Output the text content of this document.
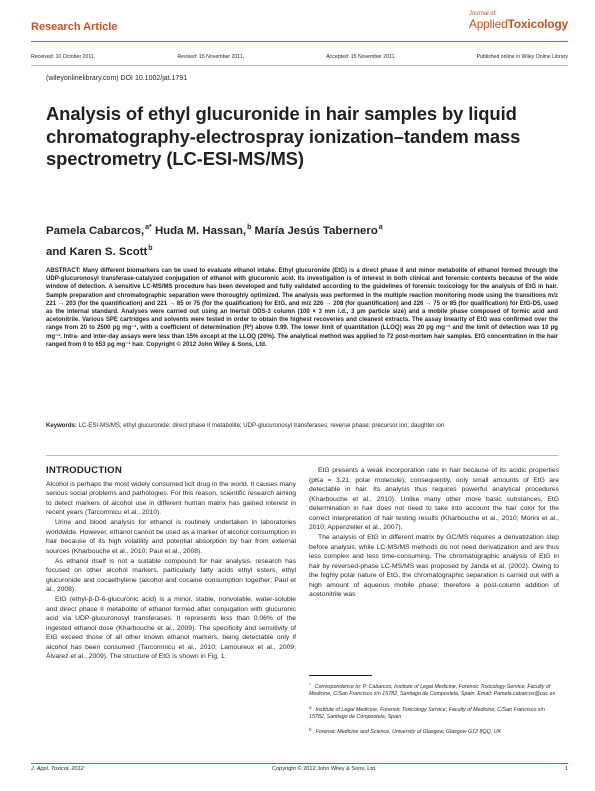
Research Article
Journal of
AppliedToxicology
Received: 10 October 2011,	Revised: 15 November 2011,	Accepted: 15 November 2011	Published online in Wiley Online Library
(wileyonlinelibrary.com) DOI 10.1002/jat.1791
Analysis of ethyl glucuronide in hair samples by liquid chromatography-electrospray ionization–tandem mass spectrometry (LC-ESI-MS/MS)
Pamela Cabarcos,$^{a*}$ Huda M. Hassan,$^b$ María Jesús Tabernero$^a$
and Karen S. Scott$^b$
ABSTRACT: Many different biomarkers can be used to evaluate ethanol intake. Ethyl glucuronide (EtG) is a direct phase II and minor metabolite of ethanol formed through the UDP-glucuronosyl transferase-catalyzed conjugation of ethanol with glucuronic acid. Its investigation is of interest in both clinical and forensic contexts because of the wide window of detection. A sensitive LC-MS/MS procedure has been developed and fully validated according to the guidelines of forensic toxicology for the analysis of EtG in hair. Sample preparation and chromatographic separation were thoroughly optimized. The analysis was performed in the multiple reaction monitoring mode using the transitions m/z 221 → 203 (for the quantification) and 221 → 85 or 75 (for the qualification) for EtG, and m/z 226 → 208 (for quantification) and 226 → 75 or 85 (for qualification) for EtG-D5, used as the internal standard. Analyses were carried out using an Inertsil ODS-3 column (100 × 3 mm i.d., 3 µm particle size) and a mobile phase composed of formic acid and acetonitrile. Various SPE cartridges and solvents were tested in order to obtain the highest recoveries and cleanest extracts. The assay linearity of EtG was confirmed over the range from 20 to 2500 pg mg⁻¹, with a coefficient of determination (R²) above 0.99. The lower limit of quantitation (LLOQ) was 20 pg mg⁻¹ and the limit of detection was 10 pg mg⁻¹. Intra- and inter-day assays were less than 15% except at the LLOQ (20%). The analytical method was applied to 72 post-mortem hair samples. EtG concentration in the hair ranged from 0 to 653 pg mg⁻¹ hair. Copyright © 2012 John Wiley & Sons, Ltd.
Keywords: LC-ESI-MS/MS; ethyl glucuronide; direct phase II metabolite; UDP-glucuronosyl transferases; reverse phase; precursor ion; daughter ion
INTRODUCTION

Alcohol is perhaps the most widely consumed licit drug in the world. It causes many serious social problems and pathologies. For this reason, scientific research aiming to detect markers of alcohol use in different human matrix has gained interest in recent years (Tarcomnicu et al., 2010).

Urine and blood analysis for ethanol is routinely undertaken in laboratories worldwide. However, ethanol cannot be used as a marker of alcohol consumption in hair because of its high volatility and potential absorption by hair from external sources (Kharbouche et al., 2010; Paul et al., 2008).

As ethanol itself is not a suitable compound for hair analysis, research has focused on other alcohol markers, particularly fatty acids ethyl esters, ethyl glucuronide and cocaethylene (alcohol and cocaine consumption together; Paul et al., 2008).

EtG (ethyl-β-D-6-glucuronic acid) is a minor, stable, nonvolatile, water-soluble and direct phase II metabolite of ethanol formed after conjugation with glucuronic acid via UDP-glucuronosyl transferases. It represents less than 0.06% of the ingested ethanol dose (Kharbouche et al., 2009). The specificity and sensitivity of EtG exceed those of all other known ethanol markers, being detectable only if alcohol has been consumed (Tarcomnicu et al., 2010; Lamoureux et al., 2009; Álvarez et al., 2009). The structure of EtG is shown in Fig. 1.

EtG presents a weak incorporation rate in hair because of its acidic properties (pKa = 3.21, polar molecule); consequently, only small amounts of EtG are detectable in hair. Its analysis thus requires powerful analytical procedures (Kharbouche et al., 2010). Unlike many other more basic substances, EtG determination in hair does not need to take into account the hair color for the correct interpretation of hair testing results (Kharbouche et al., 2010; Morini et al., 2010; Appenzeller et al., 2007).

The analysis of EtG in different matrix by GC/MS requires a derivatization step before analysis, while LC-MS/MS methods do not need derivatization and are thus less complex and less time-consuming. The chromatographic analysis of EtG in hair by reversed-phase LC-MS/MS was proposed by Janda et al. (2002). Owing to the highly polar nature of EtG, the chromatographic separation is carried out with a high amount of aqueous mobile phase; therefore a post-column addition of acetonitrile was

* Correspondence to: P. Cabarcos, Institute of Legal Medicine, Forensic Toxicology Service, Faculty of Medicine, C/San Francisco s/n 15782, Santiago de Compostela, Spain. Email: Pamela.cabarcos@usc.es
$^a$ Institute of Legal Medicine, Forensic Toxicology Service, Faculty of Medicine, C/San Francisco s/n 15782, Santiago de Compostela, Spain
$^b$ Forensic Medicine and Science, University of Glasgow, Glasgow G12 8QQ, UK
J. Appl. Toxicol. 2012	Copyright © 2012 John Wiley & Sons, Ltd.	1
